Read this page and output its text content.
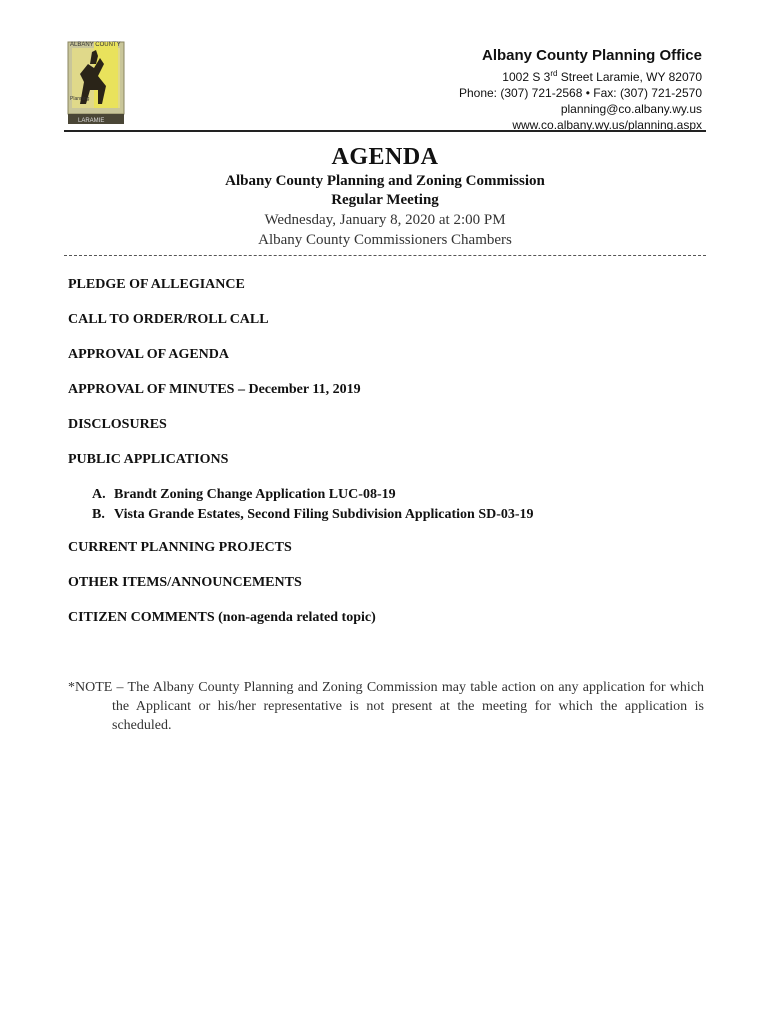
ALBANY COUNTY
Planning
LARAMIE
Albany County Planning Office
1002 S 3rd Street Laramie, WY 82070
Phone: (307) 721-2568 • Fax: (307) 721-2570
planning@co.albany.wy.us
www.co.albany.wy.us/planning.aspx
AGENDA
Albany County Planning and Zoning Commission
Regular Meeting
Wednesday, January 8, 2020 at 2:00 PM
Albany County Commissioners Chambers
PLEDGE OF ALLEGIANCE
CALL TO ORDER/ROLL CALL
APPROVAL OF AGENDA
APPROVAL OF MINUTES – December 11, 2019
DISCLOSURES
PUBLIC APPLICATIONS
A. Brandt Zoning Change Application LUC-08-19
B. Vista Grande Estates, Second Filing Subdivision Application SD-03-19
CURRENT PLANNING PROJECTS
OTHER ITEMS/ANNOUNCEMENTS
CITIZEN COMMENTS (non-agenda related topic)
*NOTE – The Albany County Planning and Zoning Commission may table action on any application for which the Applicant or his/her representative is not present at the meeting for which the application is scheduled.
